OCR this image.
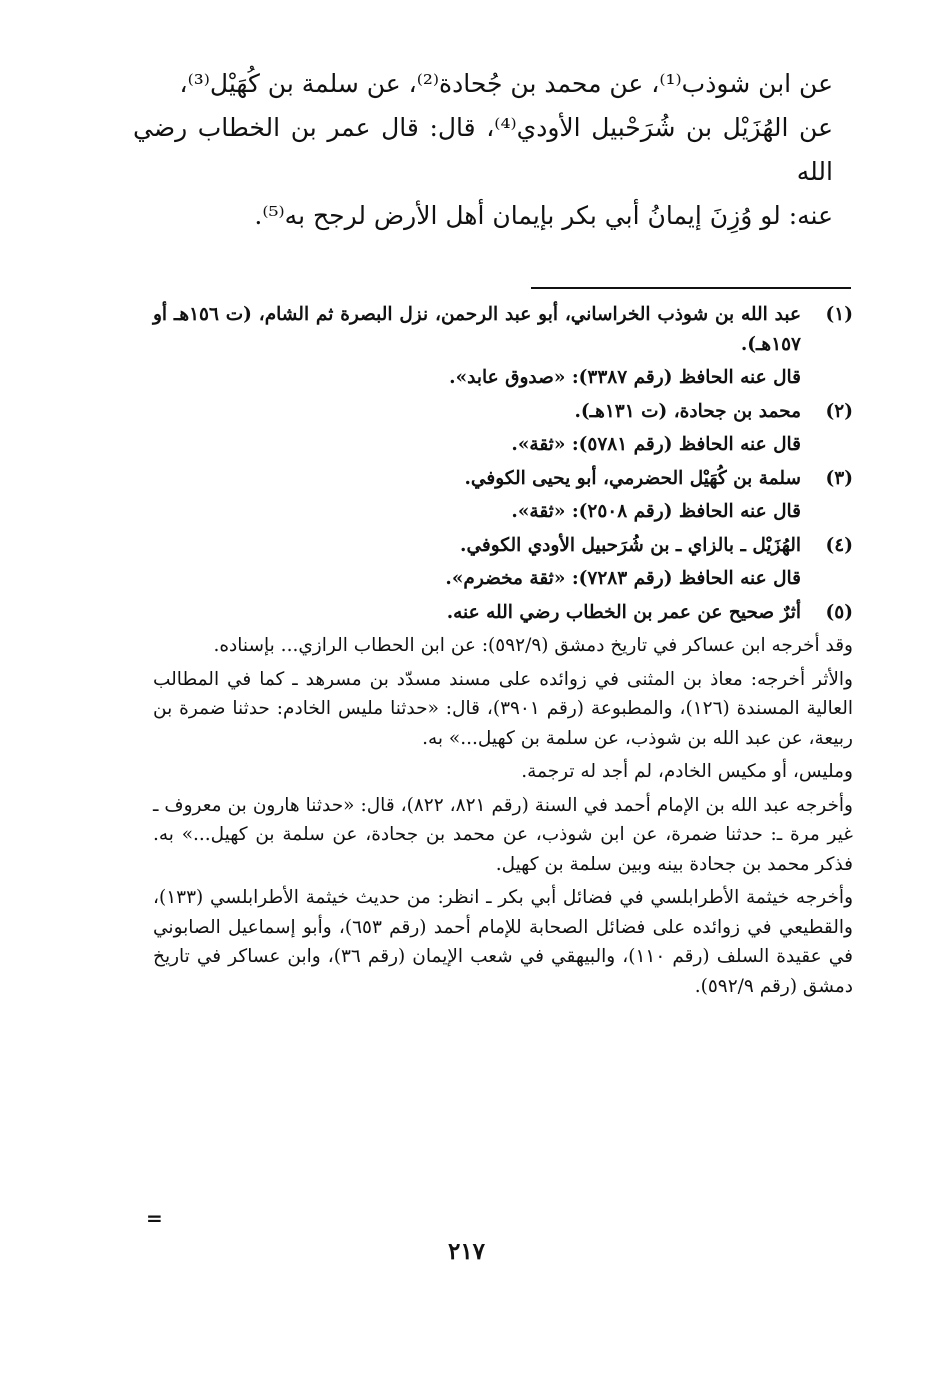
عن ابن شوذب⁽¹⁾، عن محمد بن جُحادة⁽²⁾، عن سلمة بن كُهَيْل⁽³⁾،

عن الهُزَيْل بن شُرَحْبيل الأودي⁽⁴⁾، قال: قال عمر بن الخطاب رضي الله

عنه: لو وُزِنَ إيمانُ أبي بكر بإيمان أهل الأرض لرجح به⁽⁵⁾.

(١)

عبد الله بن شوذب الخراساني، أبو عبد الرحمن، نزل البصرة ثم الشام، (ت ١٥٦هـ أو ١٥٧هـ).

قال عنه الحافظ (رقم ٣٣٨٧): «صدوق عابد».

(٢)

محمد بن جحادة، (ت ١٣١هـ).

قال عنه الحافظ (رقم ٥٧٨١): «ثقة».

(٣)

سلمة بن كُهَيْل الحضرمي، أبو يحيى الكوفي.

قال عنه الحافظ (رقم ٢٥٠٨): «ثقة».

(٤)

الهُزَيْل ـ بالزاي ـ بن شُرَحبيل الأودي الكوفي.

قال عنه الحافظ (رقم ٧٢٨٣): «ثقة مخضرم».

(٥)

أثرٌ صحيح عن عمر بن الخطاب رضي الله عنه.

وقد أخرجه ابن عساكر في تاريخ دمشق (٥٩٢/٩): عن ابن الحطاب الرازي... بإسناده.

والأثر أخرجه: معاذ بن المثنى في زوائده على مسند مسدّد بن مسرهد ـ كما في المطالب العالية المسندة (١٢٦)، والمطبوعة (رقم ٣٩٠١)، قال: «حدثنا مليس الخادم: حدثنا ضمرة بن ربيعة، عن عبد الله بن شوذب، عن سلمة بن كهيل...» به.

ومليس، أو مكيس الخادم، لم أجد له ترجمة.

وأخرجه عبد الله بن الإمام أحمد في السنة (رقم ٨٢١، ٨٢٢)، قال: «حدثنا هارون بن معروف ـ غير مرة ـ: حدثنا ضمرة، عن ابن شوذب، عن محمد بن جحادة، عن سلمة بن كهيل...» به. فذكر محمد بن جحادة بينه وبين سلمة بن كهيل.

وأخرجه خيثمة الأطرابلسي في فضائل أبي بكر ـ انظر: من حديث خيثمة الأطرابلسي (١٣٣)، والقطيعي في زوائده على فضائل الصحابة للإمام أحمد (رقم ٦٥٣)، وأبو إسماعيل الصابوني في عقيدة السلف (رقم ١١٠)، والبيهقي في شعب الإيمان (رقم ٣٦)، وابن عساكر في تاريخ دمشق (رقم ٥٩٢/٩).

=
٢١٧
